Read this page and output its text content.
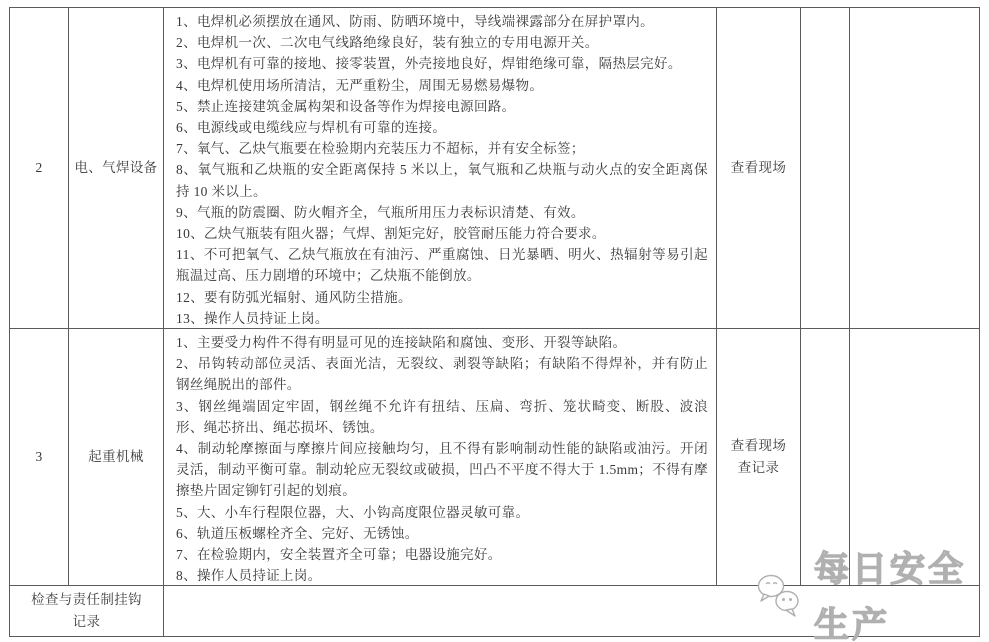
2	电、气焊设备
1、电焊机必须摆放在通风、防雨、防晒环境中，导线端裸露部分在屏护罩内。
2、电焊机一次、二次电气线路绝缘良好，装有独立的专用电源开关。
3、电焊机有可靠的接地、接零装置，外壳接地良好，焊钳绝缘可靠，隔热层完好。
4、电焊机使用场所清洁，无严重粉尘，周围无易燃易爆物。
5、禁止连接建筑金属构架和设备等作为焊接电源回路。
6、电源线或电缆线应与焊机有可靠的连接。
7、氧气、乙炔气瓶要在检验期内充装压力不超标，并有安全标签；
8、氧气瓶和乙炔瓶的安全距离保持 5 米以上，氧气瓶和乙炔瓶与动火点的安全距离保持 10 米以上。
9、气瓶的防震圈、防火帽齐全，气瓶所用压力表标识清楚、有效。
10、乙炔气瓶装有阻火器；气焊、割矩完好，胶管耐压能力符合要求。
11、不可把氧气、乙炔气瓶放在有油污、严重腐蚀、日光暴晒、明火、热辐射等易引起瓶温过高、压力剧增的环境中；乙炔瓶不能倒放。
12、要有防弧光辐射、通风防尘措施。
13、操作人员持证上岗。
查看现场
3	起重机械
1、主要受力构件不得有明显可见的连接缺陷和腐蚀、变形、开裂等缺陷。
2、吊钩转动部位灵活、表面光洁，无裂纹、剥裂等缺陷；有缺陷不得焊补，并有防止钢丝绳脱出的部件。
3、钢丝绳端固定牢固，钢丝绳不允许有扭结、压扁、弯折、笼状畸变、断股、波浪形、绳芯挤出、绳芯损坏、锈蚀。
4、制动轮摩擦面与摩擦片间应接触均匀，且不得有影响制动性能的缺陷或油污。开闭灵活，制动平衡可靠。制动轮应无裂纹或破损，凹凸不平度不得大于 1.5mm；不得有摩擦垫片固定铆钉引起的划痕。
5、大、小车行程限位器，大、小钩高度限位器灵敏可靠。
6、轨道压板螺栓齐全、完好、无锈蚀。
7、在检验期内，安全装置齐全可靠；电器设施完好。
8、操作人员持证上岗。
查看现场
查记录
检查与责任制挂钩
记录
每日安全生产
